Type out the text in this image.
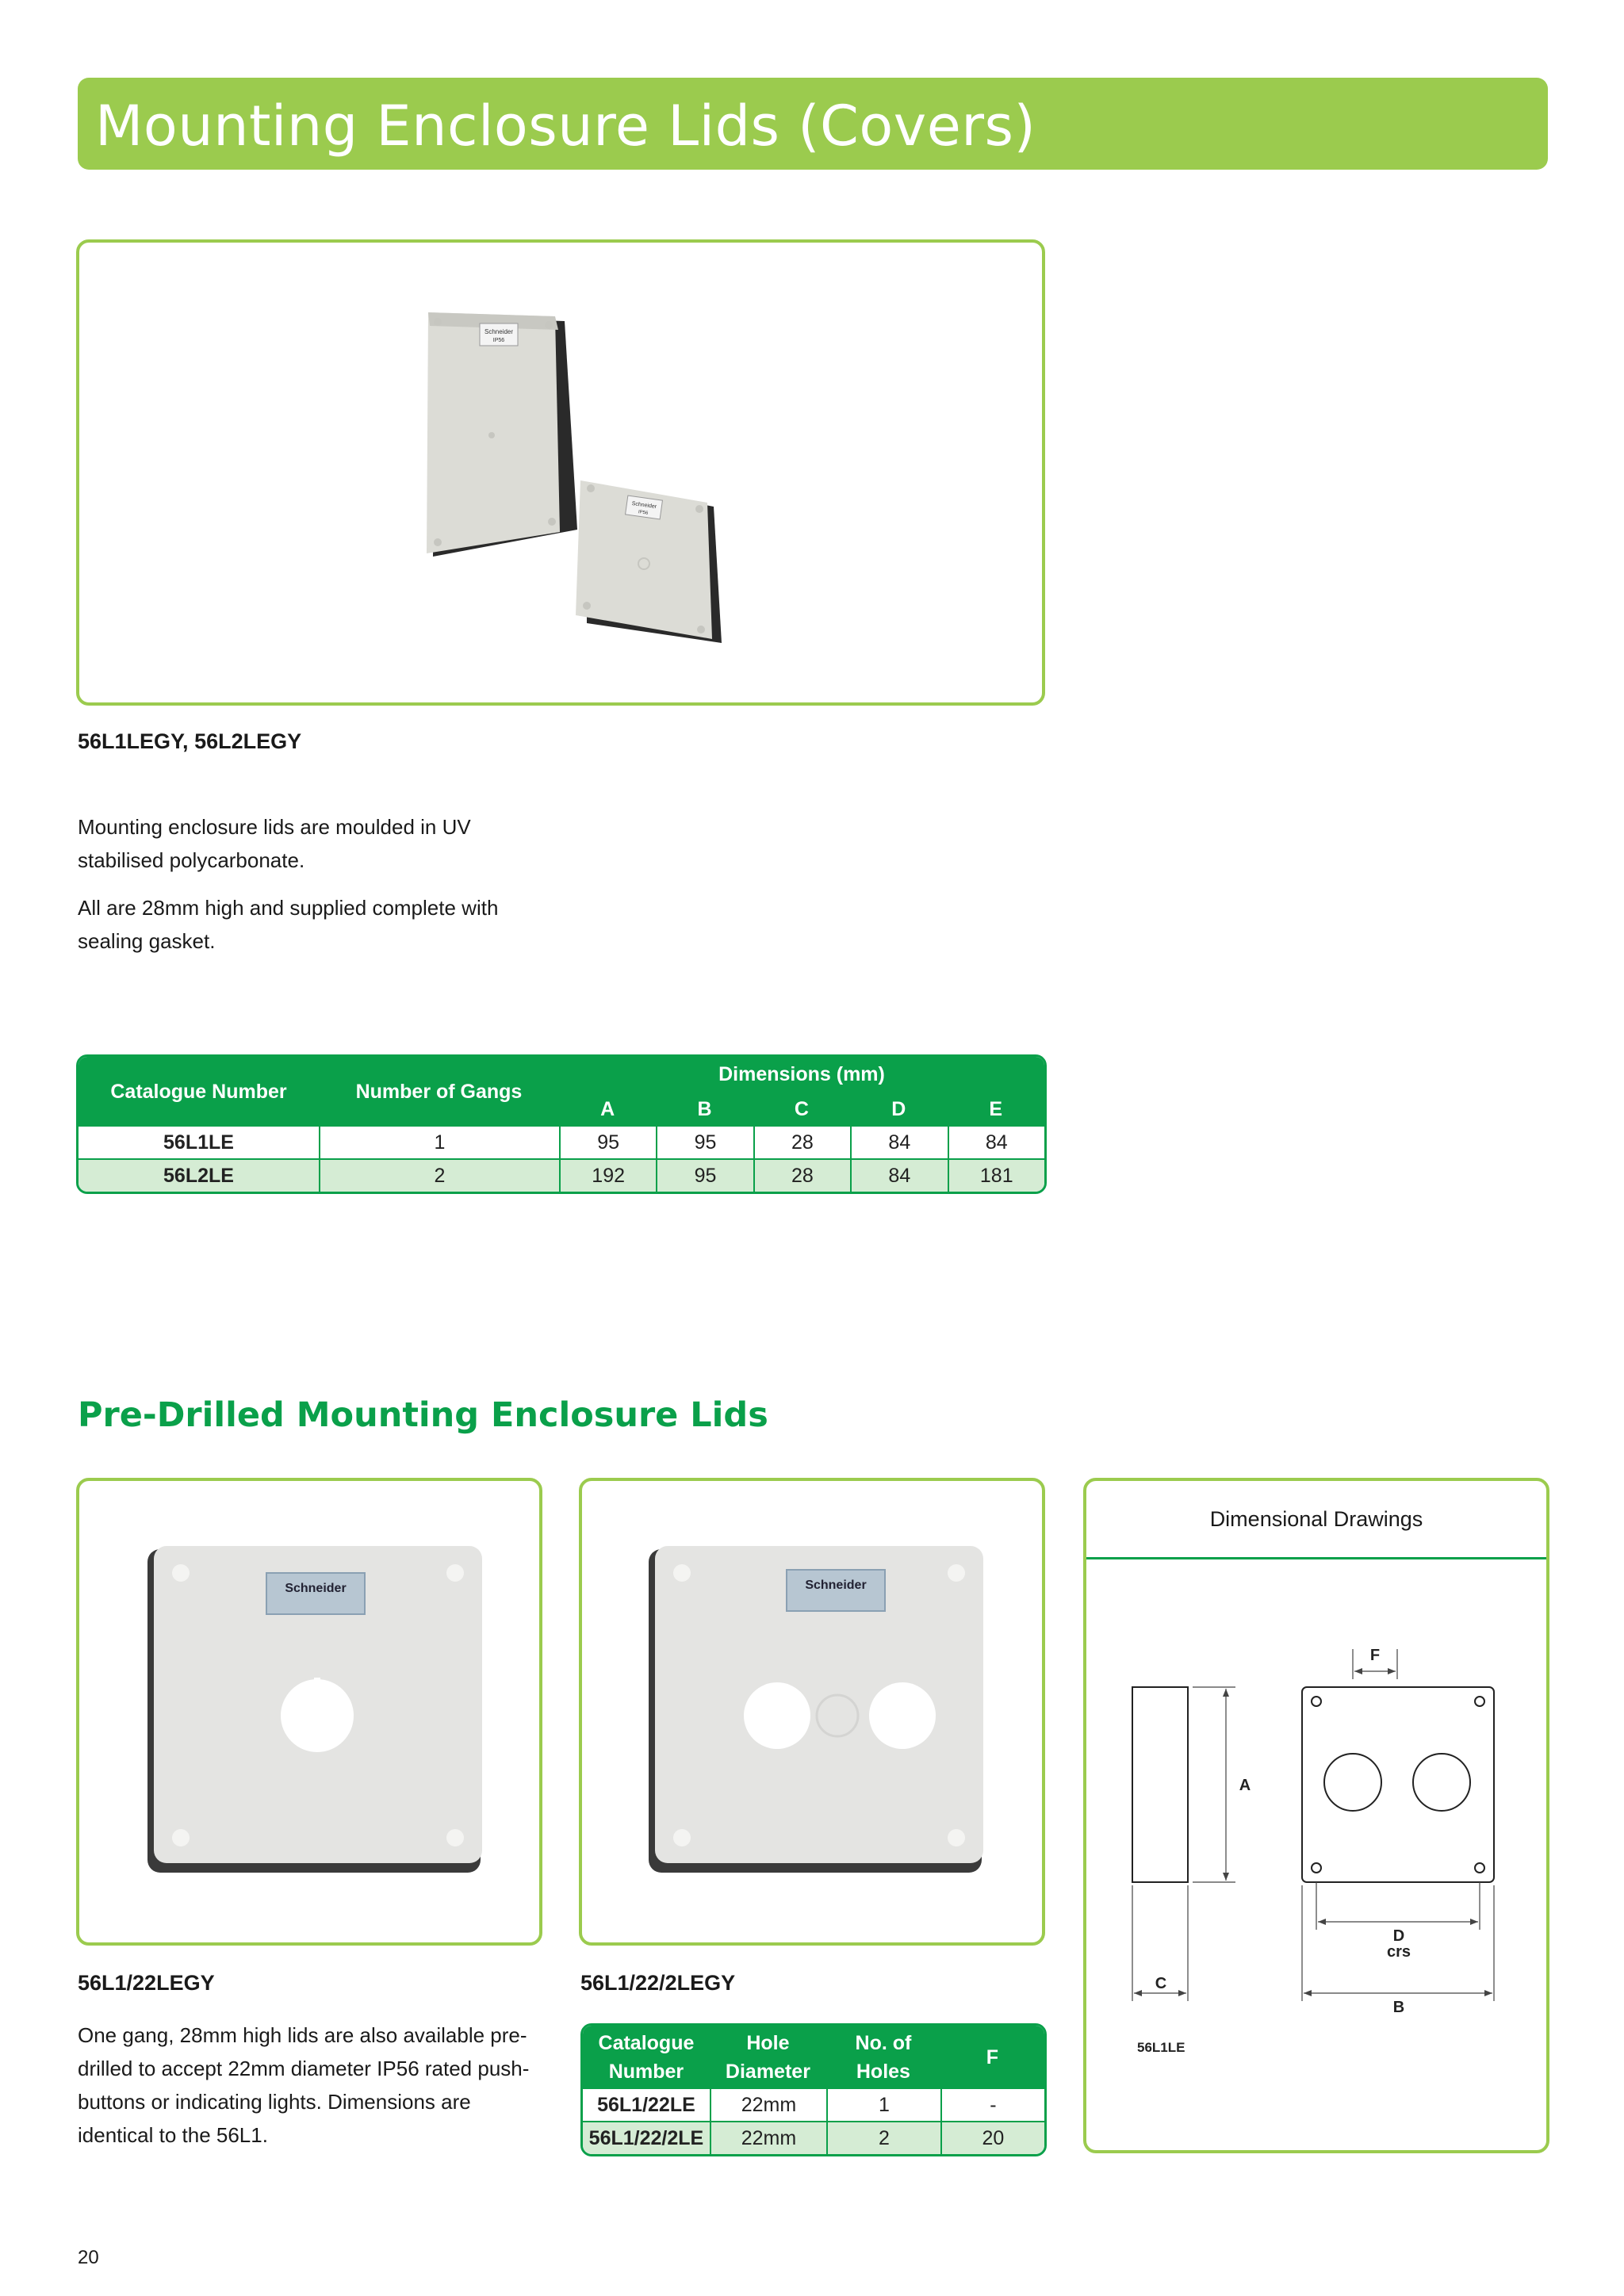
Mounting Enclosure Lids (Covers)
Schneider
IP56
Schneider
IP56
56L1LEGY, 56L2LEGY

Mounting enclosure lids are moulded in UV stabilised polycarbonate.

All are 28mm high and supplied complete with sealing gasket.

Catalogue Number	Number of Gangs	Dimensions (mm)				
		A	B	C	D	E
56L1LE	1	95	95	28	84	84
56L2LE	2	192	95	28	84	181
Pre-Drilled Mounting Enclosure Lids
Schneider	Schneider
Dimensional Drawings
A
F
D
crs
C
B
56L1LE
56L1/22LEGY	56L1/22/2LEGY

One gang, 28mm high lids are also available pre-drilled to accept 22mm diameter IP56 rated push- buttons or indicating lights. Dimensions are identical to the 56L1.

Catalogue Number	Hole Diameter	No. of Holes	F
56L1/22LE	22mm	1	-
56L1/22/2LE	22mm	2	20
20
